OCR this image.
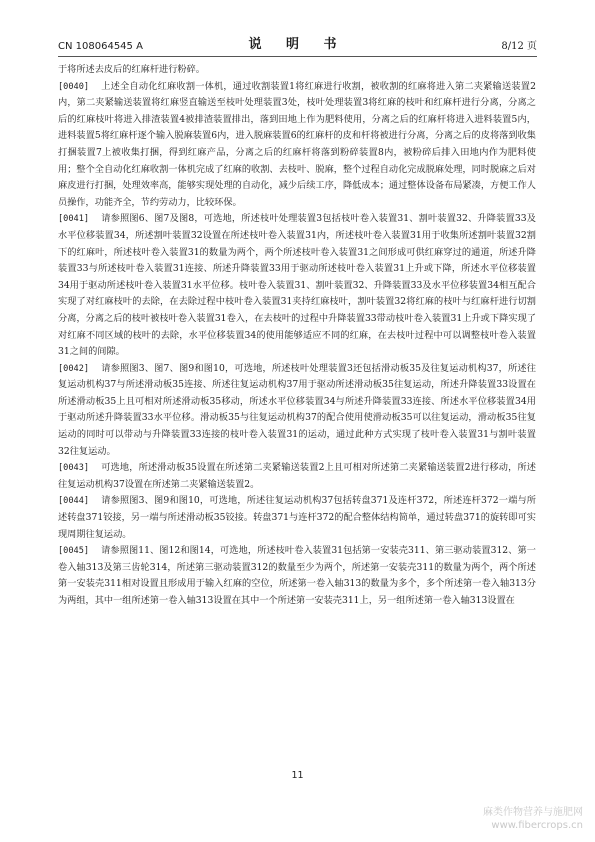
CN 108064545 A	说 明 书	8/12 页

于将所述去皮后的红麻杆进行粉碎。

[0040] 上述全自动化红麻收割一体机，通过收割装置1将红麻进行收割，被收割的红麻将进入第二夹紧输送装置2内，第二夹紧输送装置将红麻竖直输送至枝叶处理装置3处，枝叶处理装置3将红麻的枝叶和红麻杆进行分离，分离之后的红麻枝叶将进入排渣装置4被排渣装置排出，落到田地上作为肥料使用，分离之后的红麻杆将进入进料装置5内，进料装置5将红麻杆逐个输入脱麻装置6内，进入脱麻装置6的红麻杆的皮和杆将被进行分离，分离之后的皮将落到收集打捆装置7上被收集打捆，得到红麻产品，分离之后的红麻杆将落到粉碎装置8内，被粉碎后排入田地内作为肥料使用；整个全自动化红麻收割一体机完成了红麻的收割、去枝叶、脱麻，整个过程自动化完成脱麻处理，同时脱麻之后对麻皮进行打捆，处理效率高，能够实现处理的自动化，减少后续工序，降低成本；通过整体设备布局紧凑，方便工作人员操作，功能齐全，节约劳动力，比较环保。

[0041] 请参照图6、图7及图8，可选地，所述枝叶处理装置3包括枝叶卷入装置31、割叶装置32、升降装置33及水平位移装置34，所述割叶装置32设置在所述枝叶卷入装置31内，所述枝叶卷入装置31用于收集所述割叶装置32割下的红麻叶，所述枝叶卷入装置31的数量为两个，两个所述枝叶卷入装置31之间形成可供红麻穿过的通道，所述升降装置33与所述枝叶卷入装置31连接、所述升降装置33用于驱动所述枝叶卷入装置31上升或下降，所述水平位移装置34用于驱动所述枝叶卷入装置31水平位移。枝叶卷入装置31、割叶装置32、升降装置33及水平位移装置34相互配合实现了对红麻枝叶的去除，在去除过程中枝叶卷入装置31夹持红麻枝叶，割叶装置32将红麻的枝叶与红麻杆进行切割分离，分离之后的枝叶被枝叶卷入装置31卷入，在去枝叶的过程中升降装置33带动枝叶卷入装置31上升或下降实现了对红麻不同区域的枝叶的去除，水平位移装置34的使用能够适应不同的红麻，在去枝叶过程中可以调整枝叶卷入装置31之间的间隙。

[0042] 请参照图3、图7、图9和图10，可选地，所述枝叶处理装置3还包括滑动板35及往复运动机构37，所述往复运动机构37与所述滑动板35连接、所述往复运动机构37用于驱动所述滑动板35往复运动，所述升降装置33设置在所述滑动板35上且可相对所述滑动板35移动，所述水平位移装置34与所述升降装置33连接、所述水平位移装置34用于驱动所述升降装置33水平位移。滑动板35与往复运动机构37的配合使用使滑动板35可以往复运动，滑动板35往复运动的同时可以带动与升降装置33连接的枝叶卷入装置31的运动，通过此种方式实现了枝叶卷入装置31与割叶装置32往复运动。

[0043] 可选地，所述滑动板35设置在所述第二夹紧输送装置2上且可相对所述第二夹紧输送装置2进行移动，所述往复运动机构37设置在所述第二夹紧输送装置2。

[0044] 请参照图3、图9和图10，可选地，所述往复运动机构37包括转盘371及连杆372，所述连杆372一端与所述转盘371铰接，另一端与所述滑动板35铰接。转盘371与连杆372的配合整体结构简单，通过转盘371的旋转即可实现周期往复运动。

[0045] 请参照图11、图12和图14，可选地，所述枝叶卷入装置31包括第一安装壳311、第三驱动装置312、第一卷入轴313及第三齿轮314，所述第三驱动装置312的数量至少为两个，所述第一安装壳311的数量为两个，两个所述第一安装壳311相对设置且形成用于输入红麻的空位，所述第一卷入轴313的数量为多个，多个所述第一卷入轴313分为两组，其中一组所述第一卷入轴313设置在其中一个所述第一安装壳311上，另一组所述第一卷入轴313设置在

11
麻类作物营养与施肥网
www.fibercrops.cn
